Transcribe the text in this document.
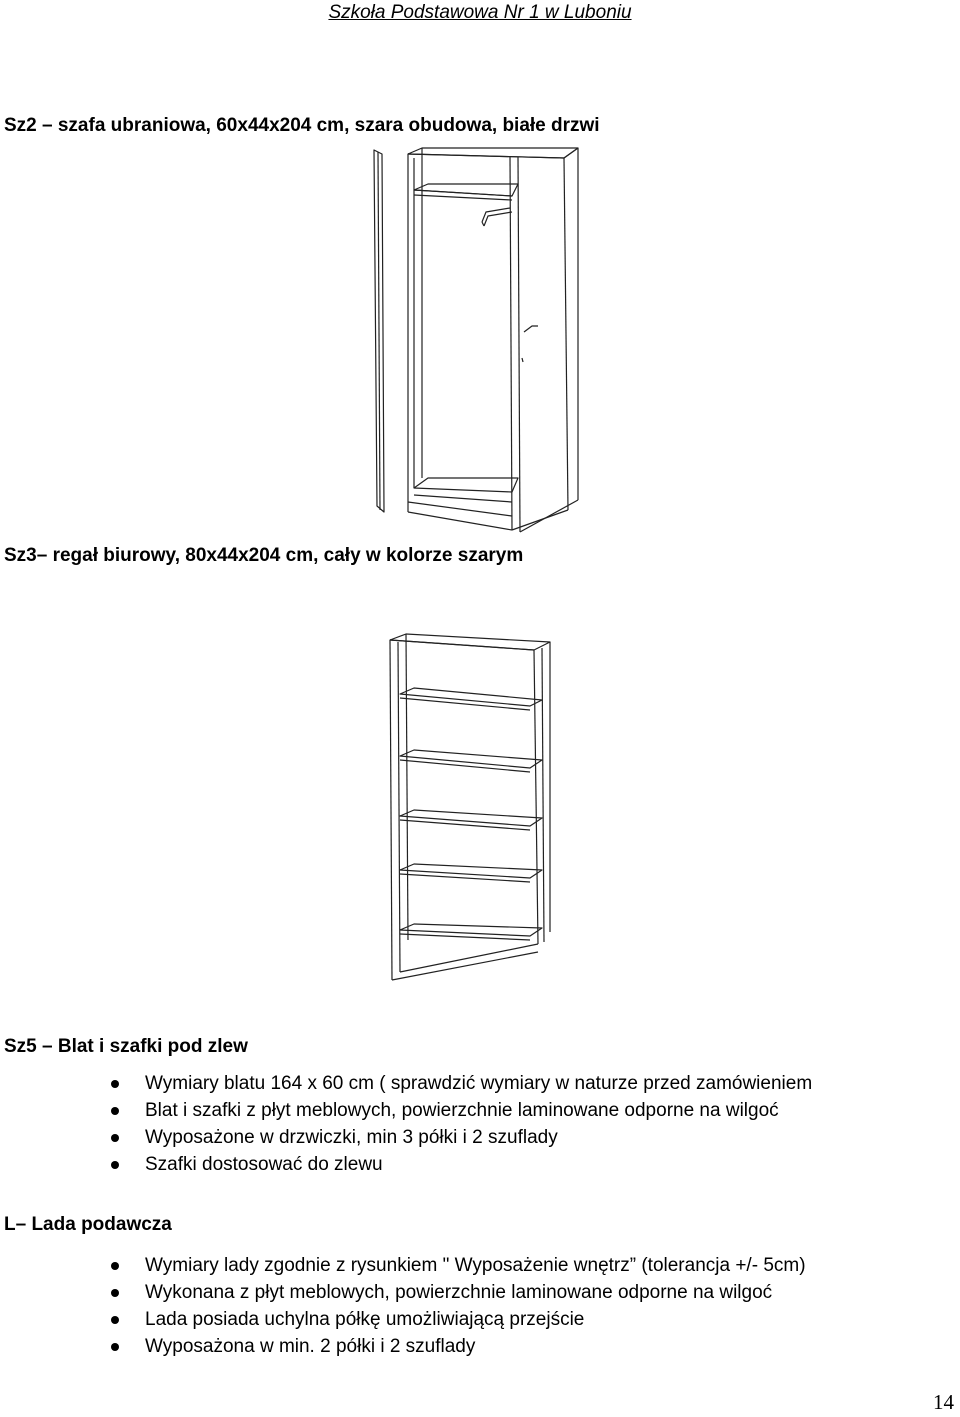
Szkoła Podstawowa Nr 1 w Luboniu
Sz2 – szafa ubraniowa, 60x44x204 cm, szara obudowa, białe drzwi
Sz3– regał biurowy, 80x44x204 cm, cały w kolorze szarym
Sz5 – Blat i szafki pod zlew
Wymiary blatu 164 x 60 cm ( sprawdzić wymiary w naturze przed zamówieniem
Blat i szafki z płyt meblowych, powierzchnie laminowane odporne na wilgoć
Wyposażone w drzwiczki, min 3 półki i 2 szuflady
Szafki dostosować do zlewu
L– Lada podawcza
Wymiary lady zgodnie z rysunkiem " Wyposażenie wnętrz” (tolerancja +/- 5cm)
Wykonana z płyt meblowych, powierzchnie laminowane odporne na wilgoć
Lada posiada uchylna półkę umożliwiającą przejście
Wyposażona w min. 2 półki i 2 szuflady
14
